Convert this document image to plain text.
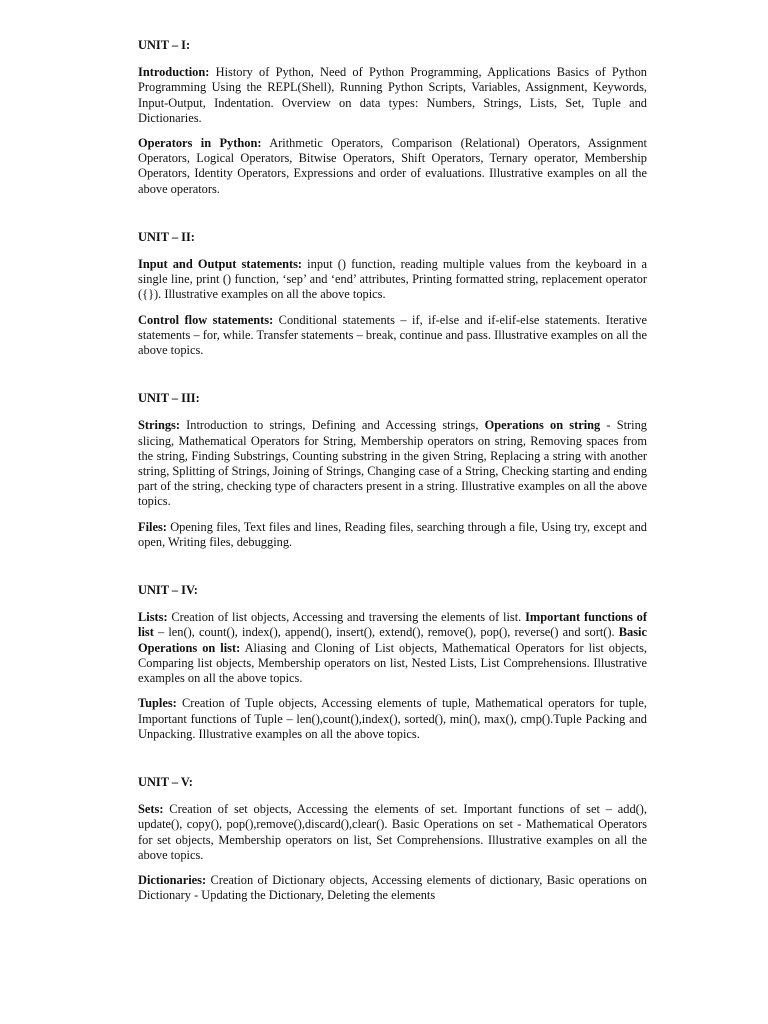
UNIT – I:
Introduction: History of Python, Need of Python Programming, Applications Basics of Python Programming Using the REPL(Shell), Running Python Scripts, Variables, Assignment, Keywords, Input-Output, Indentation. Overview on data types: Numbers, Strings, Lists, Set, Tuple and Dictionaries.
Operators in Python: Arithmetic Operators, Comparison (Relational) Operators, Assignment Operators, Logical Operators, Bitwise Operators, Shift Operators, Ternary operator, Membership Operators, Identity Operators, Expressions and order of evaluations. Illustrative examples on all the above operators.
UNIT – II:
Input and Output statements: input () function, reading multiple values from the keyboard in a single line, print () function, ‘sep’ and ‘end’ attributes, Printing formatted string, replacement operator ({}). Illustrative examples on all the above topics.
Control flow statements: Conditional statements – if, if-else and if-elif-else statements. Iterative statements – for, while. Transfer statements – break, continue and pass. Illustrative examples on all the above topics.
UNIT – III:
Strings: Introduction to strings, Defining and Accessing strings, Operations on string - String slicing, Mathematical Operators for String, Membership operators on string, Removing spaces from the string, Finding Substrings, Counting substring in the given String, Replacing a string with another string, Splitting of Strings, Joining of Strings, Changing case of a String, Checking starting and ending part of the string, checking type of characters present in a string. Illustrative examples on all the above topics.
Files: Opening files, Text files and lines, Reading files, searching through a file, Using try, except and open, Writing files, debugging.
UNIT – IV:
Lists: Creation of list objects, Accessing and traversing the elements of list. Important functions of list – len(), count(), index(), append(), insert(), extend(), remove(), pop(), reverse() and sort(). Basic Operations on list: Aliasing and Cloning of List objects, Mathematical Operators for list objects, Comparing list objects, Membership operators on list, Nested Lists, List Comprehensions. Illustrative examples on all the above topics.
Tuples: Creation of Tuple objects, Accessing elements of tuple, Mathematical operators for tuple, Important functions of Tuple – len(),count(),index(), sorted(), min(), max(), cmp().Tuple Packing and Unpacking. Illustrative examples on all the above topics.
UNIT – V:
Sets: Creation of set objects, Accessing the elements of set. Important functions of set – add(), update(), copy(), pop(),remove(),discard(),clear(). Basic Operations on set - Mathematical Operators for set objects, Membership operators on list, Set Comprehensions. Illustrative examples on all the above topics.
Dictionaries: Creation of Dictionary objects, Accessing elements of dictionary, Basic operations on Dictionary - Updating the Dictionary, Deleting the elements
